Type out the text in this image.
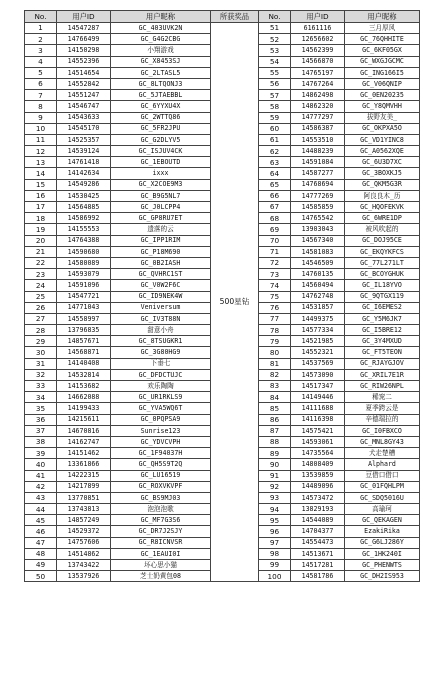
No.	用户ID	用户昵称	所获奖品	No.	用户ID	用户昵称
1	14547287	GC_403UVK2N	500星钻	51	6161116	三月厚风
2	14766499	GC_G4G2CBG		52	12656602	GC_76QHHITE
3	14150298	小翔游戏		53	14562399	GC_6KF05GX
4	14552396	GC_X8453SJ		54	14566870	GC_WXGJGCMC
5	14514654	GC_2LTASL5		55	14765197	GC_ING166I5
6	14552842	GC_8LTQONJ3		56	14767264	GC_V06QNIP
7	14551247	GC_5JTAEBBL		57	14862498	GC_0EN20235
8	14546747	GC_6YYXU4X		58	14862320	GC_Y8QMVHH
9	14543633	GC_2WTTQ86		59	14777297	拔野友美_
10	14545170	GC_5FR2JPU		60	14586387	GC_OKPXA5O
11	14525357	GC_G2DLYV5		61	14553510	GC_VD1YINC8
12	14539124	GC_ISJUV4CK		62	14488239	GC_A0562XQE
13	14761418	GC_1EBOUTD		63	14591084	GC_6U3D7XC
14	14142634	ixxx		64	14587277	GC_3BOXKJ5
15	14549286	GC_X2COE9M3		65	14768694	GC_QKM5G3R
16	14530425	GC_B9G5NL7		66	14777269	阿良良木_历
17	14564885	GC_J0LCPP4		67	14585859	GC_HQOFEKVK
18	14586992	GC_GP8RU7ET		68	14765542	GC_6WRE1DP
19	14155553	遗落的云		69	13903043	被风吹起的
20	14764388	GC_IPP1RIM		70	14567340	GC_DOJ95CE
21	14590680	GC_P18M690		71	14581083	GC_EKQYKFCS
22	14580089	GC_0B2IASH		72	14546509	GC_77L271LT
23	14593079	GC_QVHRC1ST		73	14760135	GC_BCOYGHUK
24	14591096	GC_V0W2F6C		74	14560494	GC_IL18YVO
25	14547721	GC_ID9NEK4W		75	14762748	GC_9QTGX119
26	14771043	Veniversum		76	14531857	GC_I6EMES2
27	14558997	GC_IV3T88N		77	14499375	GC_Y5M6JK7
28	13796835	甜意小舟		78	14577334	GC_I5BRE12
29	14857671	GC_8TSUGKR1		79	14521985	GC_3Y4MXUD
30	14568871	GC_3G80HG9		80	14552321	GC_FT5TEON
31	14140408	下垂七		81	14537569	GC_RJAYGJOV
32	14532814	GC_DFDCTUJC		82	14573090	GC_XRIL7E1R
33	14153682	欢乐陶陶		83	14517347	GC_RIW26NPL
34	14662088	GC_UR1RKLS9		84	14149446	稀窕二
35	14199433	GC_YVA5WQ6T		85	14111688	夏季跨云是
36	14215611	GC_0PQPSA9		86	14116398	辛德瑞拉的
37	14670816	Sunrise123		87	14575421	GC_I0FBXCO
38	14162747	GC_YDVCVPH		88	14593061	GC_MNL8GY43
39	14151462	GC_1F94037H		89	14735564	犬走楚槽
40	13361866	GC_QH5S9T2Q		90	14808409	Alphard
41	14222315	GC_LU16519		91	13539859	豆借口借口
42	14217899	GC_ROXVKVPF		92	14489096	GC_01FQHLPM
43	13770851	GC_BS9MJ03		93	14573472	GC_SDQ5016U
44	13743813	泡泡泡歌		94	13829193	高瑜珂
45	14857249	GC_MF7G3S6		95	14544089	GC_QEKAGEN
46	14529372	GC_DR7J2SJY		96	14704377	EzakiRika
47	14757606	GC_R8ICNVSR		97	14554473	GC_G6LJ286Y
48	14514862	GC_1EAUI0I		98	14513671	GC_1HK240I
49	13743422	坏心思小猫		99	14517281	GC_PHENWTS
50	13537926	芝士奶黄包08		100	14581786	GC_DH2IS953
